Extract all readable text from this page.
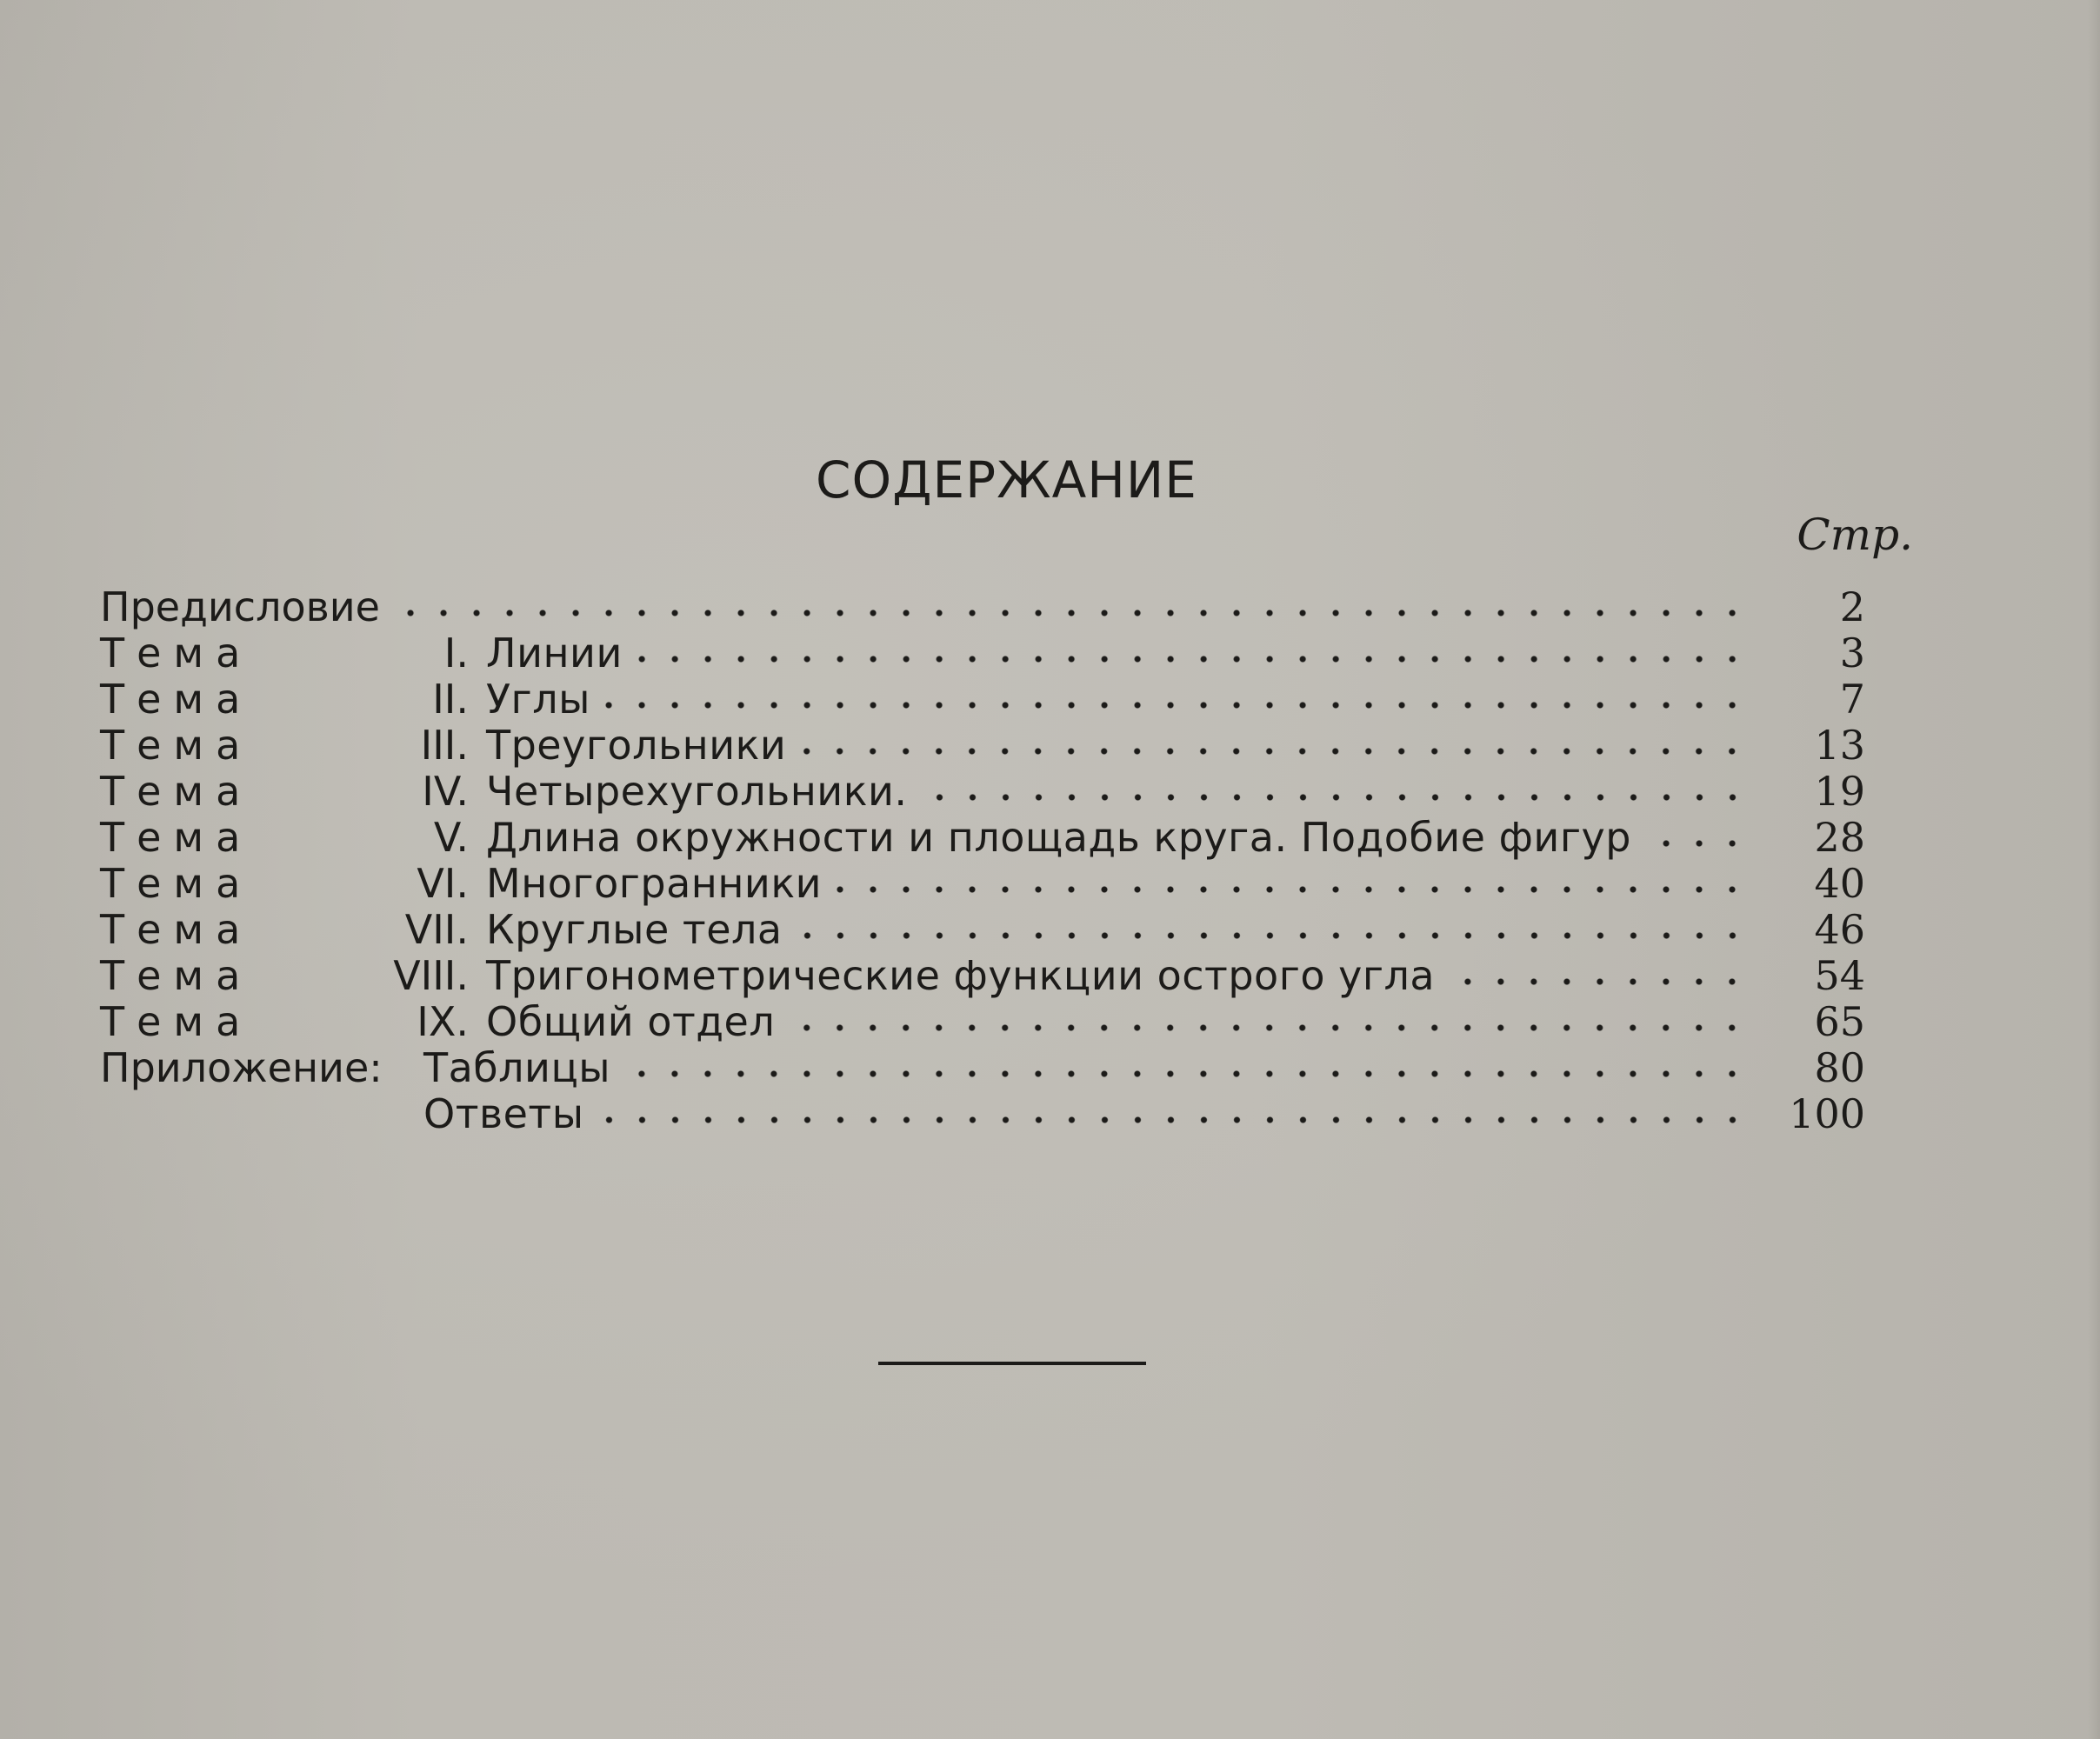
СОДЕРЖАНИЕ
Стр.
Предисловие	2
Тема	I. Линии	3
Тема	II. Углы	7
Тема	III. Треугольники	13
Тема	IV. Четырехугольники.	19
Тема	V. Длина окружности и площадь круга. Подобие фигур	28
Тема	VI. Многогранники	40
Тема	VII. Круглые тела	46
Тема	VIII. Тригонометрические функции острого угла	54
Тема	IX. Общий отдел	65
Приложение:	Таблицы	80
Ответы	100
